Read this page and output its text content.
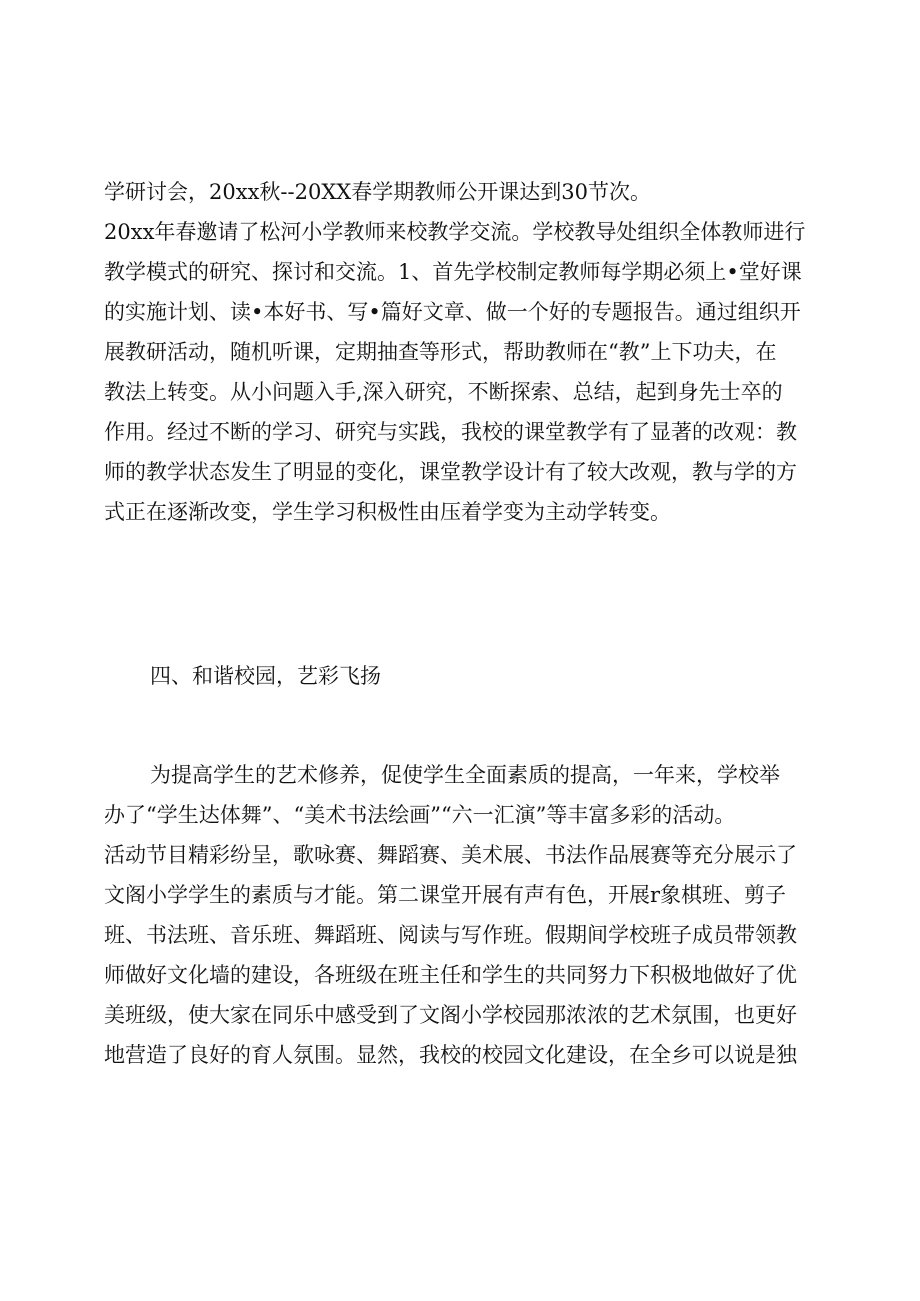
学研讨会，20xx秋--20XX春学期教师公开课达到30节次。
20xx年春邀请了松河小学教师来校教学交流。学校教导处组织全体教师进行
教学模式的研究、探讨和交流。1、首先学校制定教师每学期必须上•堂好课
的实施计划、读•本好书、写•篇好文章、做一个好的专题报告。通过组织开
展教研活动，随机听课，定期抽查等形式，帮助教师在“教”上下功夫，在
教法上转变。从小问题入手,深入研究，不断探索、总结，起到身先士卒的
作用。经过不断的学习、研究与实践，我校的课堂教学有了显著的改观：教
师的教学状态发生了明显的变化，课堂教学设计有了较大改观，教与学的方
式正在逐渐改变，学生学习积极性由压着学变为主动学转变。
四、和谐校园，艺彩飞扬
为提高学生的艺术修养，促使学生全面素质的提高，一年来，学校举
办了“学生达体舞”、“美术书法绘画”“六一汇演”等丰富多彩的活动。
活动节目精彩纷呈，歌咏赛、舞蹈赛、美术展、书法作品展赛等充分展示了
文阁小学学生的素质与才能。第二课堂开展有声有色，开展r象棋班、剪子
班、书法班、音乐班、舞蹈班、阅读与写作班。假期间学校班子成员带领教
师做好文化墙的建设，各班级在班主任和学生的共同努力下积极地做好了优
美班级，使大家在同乐中感受到了文阁小学校园那浓浓的艺术氛围，也更好
地营造了良好的育人氛围。显然，我校的校园文化建设，在全乡可以说是独
